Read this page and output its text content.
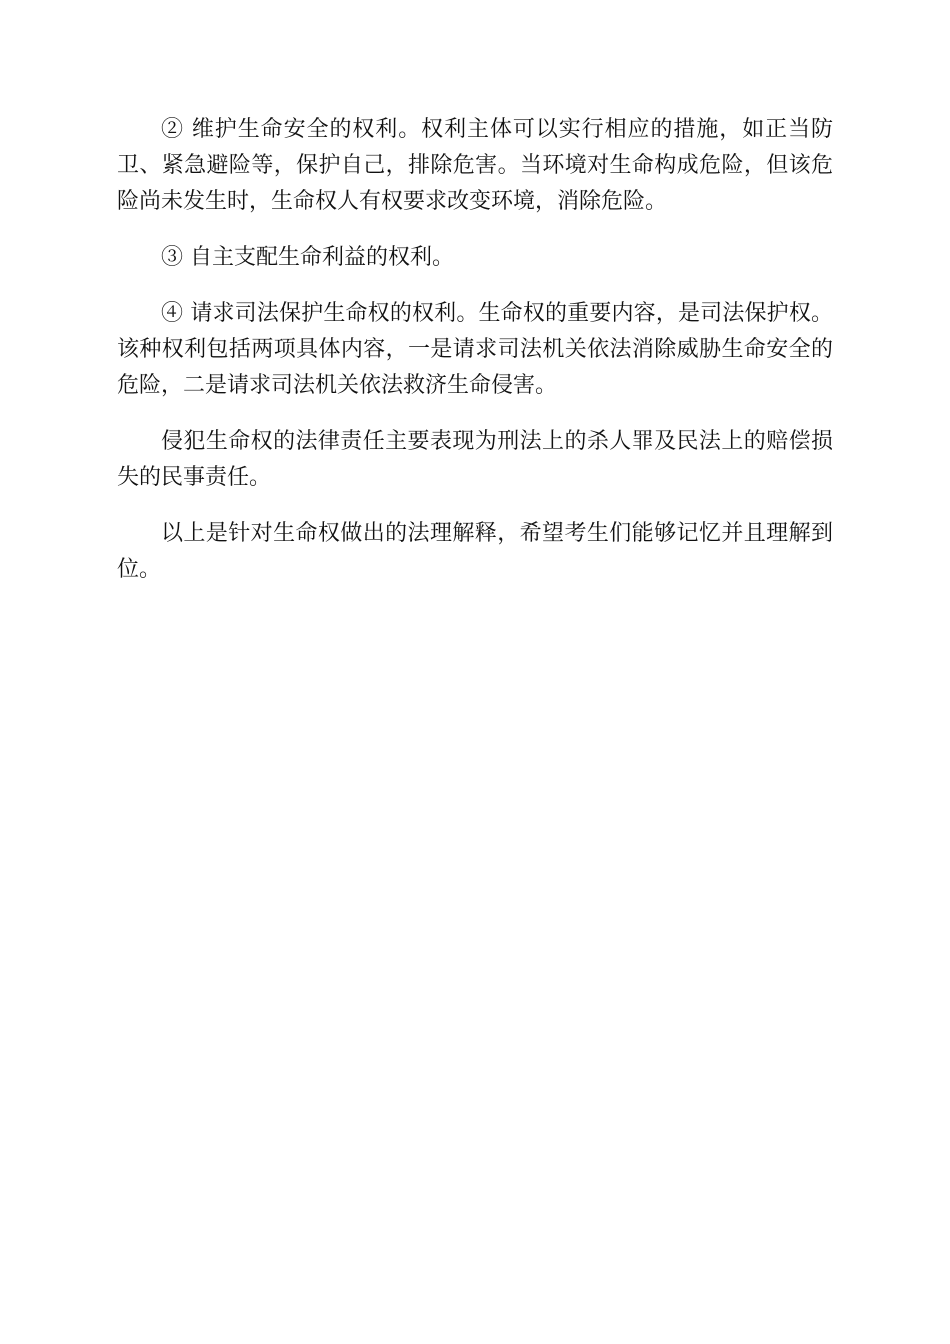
② 维护生命安全的权利。权利主体可以实行相应的措施，如正当防卫、紧急避险等，保护自己，排除危害。当环境对生命构成危险，但该危险尚未发生时，生命权人有权要求改变环境，消除危险。

③ 自主支配生命利益的权利。

④ 请求司法保护生命权的权利。生命权的重要内容，是司法保护权。该种权利包括两项具体内容，一是请求司法机关依法消除威胁生命安全的危险，二是请求司法机关依法救济生命侵害。

侵犯生命权的法律责任主要表现为刑法上的杀人罪及民法上的赔偿损失的民事责任。

以上是针对生命权做出的法理解释，希望考生们能够记忆并且理解到位。
